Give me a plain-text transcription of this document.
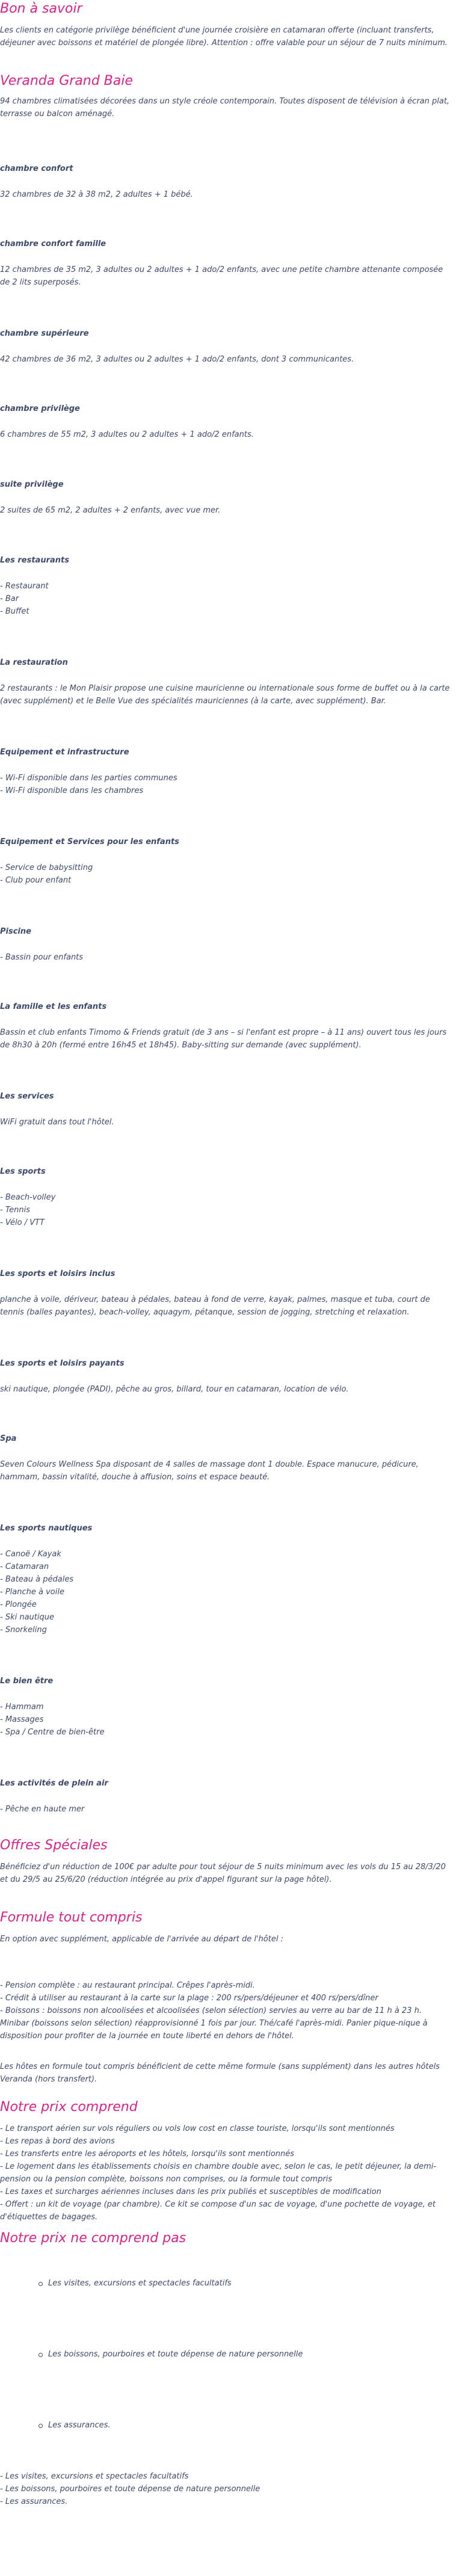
Bon à savoir

Les clients en catégorie privilège bénéficient d'une journée croisière en catamaran offerte (incluant transferts, déjeuner avec boissons et matériel de plongée libre). Attention : offre valable pour un séjour de 7 nuits minimum.

Veranda Grand Baie

94 chambres climatisées décorées dans un style créole contemporain. Toutes disposent de télévision à écran plat, terrasse ou balcon aménagé.

chambre confort

32 chambres de 32 à 38 m2, 2 adultes + 1 bébé.

chambre confort famille

12 chambres de 35 m2, 3 adultes ou 2 adultes + 1 ado/2 enfants, avec une petite chambre attenante composée de 2 lits superposés.

chambre supérieure

42 chambres de 36 m2, 3 adultes ou 2 adultes + 1 ado/2 enfants, dont 3 communicantes.

chambre privilège

6 chambres de 55 m2, 3 adultes ou 2 adultes + 1 ado/2 enfants.

suite privilège

2 suites de 65 m2, 2 adultes + 2 enfants, avec vue mer.

Les restaurants
- Restaurant
- Bar
- Buffet
La restauration

2 restaurants : le Mon Plaisir propose une cuisine mauricienne ou internationale sous forme de buffet ou à la carte (avec supplément) et le Belle Vue des spécialités mauriciennes (à la carte, avec supplément). Bar.

Equipement et infrastructure
- Wi-Fi disponible dans les parties communes
- Wi-Fi disponible dans les chambres
Equipement et Services pour les enfants
- Service de babysitting
- Club pour enfant
Piscine
- Bassin pour enfants
La famille et les enfants

Bassin et club enfants Timomo & Friends gratuit (de 3 ans – si l'enfant est propre – à 11 ans) ouvert tous les jours de 8h30 à 20h (fermé entre 16h45 et 18h45). Baby-sitting sur demande (avec supplément).

Les services

WiFi gratuit dans tout l'hôtel.

Les sports
- Beach-volley
- Tennis
- Vélo / VTT
Les sports et loisirs inclus

planche à voile, dériveur, bateau à pédales, bateau à fond de verre, kayak, palmes, masque et tuba, court de tennis (balles payantes), beach-volley, aquagym, pétanque, session de jogging, stretching et relaxation.

Les sports et loisirs payants

ski nautique, plongée (PADI), pêche au gros, billard, tour en catamaran, location de vélo.

Spa

Seven Colours Wellness Spa disposant de 4 salles de massage dont 1 double. Espace manucure, pédicure, hammam, bassin vitalité, douche à affusion, soins et espace beauté.

Les sports nautiques
- Canoë / Kayak
- Catamaran
- Bateau à pédales
- Planche à voile
- Plongée
- Ski nautique
- Snorkeling
Le bien être
- Hammam
- Massages
- Spa / Centre de bien-être
Les activités de plein air
- Pêche en haute mer
Offres Spéciales

Bénéficiez d'un réduction de 100€ par adulte pour tout séjour de 5 nuits minimum avec les vols du 15 au 28/3/20 et du 29/5 au 25/6/20 (réduction intégrée au prix d'appel figurant sur la page hôtel).

Formule tout compris

En option avec supplément, applicable de l'arrivée au départ de l'hôtel :

- Pension complète : au restaurant principal. Crêpes l'après-midi.
- Crédit à utiliser au restaurant à la carte sur la plage : 200 rs/pers/déjeuner et 400 rs/pers/dîner
- Boissons : boissons non alcoolisées et alcoolisées (selon sélection) servies au verre au bar de 11 h à 23 h. Minibar (boissons selon sélection) réapprovisionné 1 fois par jour. Thé/café l'après-midi. Panier pique-nique à disposition pour profiter de la journée en toute liberté en dehors de l'hôtel.

Les hôtes en formule tout compris bénéficient de cette même formule (sans supplément) dans les autres hôtels Veranda (hors transfert).

Notre prix comprend
- Le transport aérien sur vols réguliers ou vols low cost en classe touriste, lorsqu'ils sont mentionnés
- Les repas à bord des avions
- Les transferts entre les aéroports et les hôtels, lorsqu'ils sont mentionnés
- Le logement dans les établissements choisis en chambre double avec, selon le cas, le petit déjeuner, la demi-pension ou la pension complète, boissons non comprises, ou la formule tout compris
- Les taxes et surcharges aériennes incluses dans les prix publiés et susceptibles de modification
- Offert : un kit de voyage (par chambre). Ce kit se compose d'un sac de voyage, d'une pochette de voyage, et d'étiquettes de bagages.
Notre prix ne comprend pas
Les visites, excursions et spectacles facultatifs
Les boissons, pourboires et toute dépense de nature personnelle
Les assurances.
- Les visites, excursions et spectacles facultatifs
- Les boissons, pourboires et toute dépense de nature personnelle
- Les assurances.
